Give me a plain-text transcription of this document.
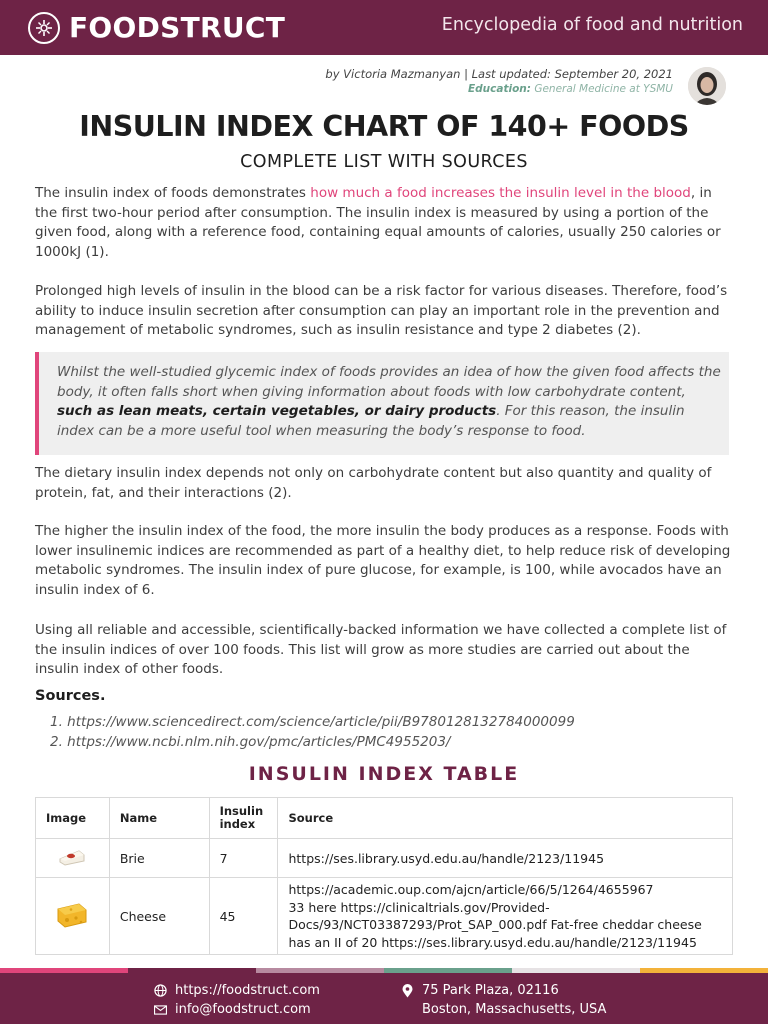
FOODSTRUCT	Encyclopedia of food and nutrition
by Victoria Mazmanyan | Last updated: September 20, 2021
Education: General Medicine at YSMU
INSULIN INDEX CHART OF 140+ FOODS
COMPLETE LIST WITH SOURCES

The insulin index of foods demonstrates how much a food increases the insulin level in the blood, in the first two-hour period after consumption. The insulin index is measured by using a portion of the given food, along with a reference food, containing equal amounts of calories, usually 250 calories or 1000kJ (1).

Prolonged high levels of insulin in the blood can be a risk factor for various diseases. Therefore, food’s ability to induce insulin secretion after consumption can play an important role in the prevention and management of metabolic syndromes, such as insulin resistance and type 2 diabetes (2).

Whilst the well-studied glycemic index of foods provides an idea of how the given food affects the body, it often falls short when giving information about foods with low carbohydrate content, such as lean meats, certain vegetables, or dairy products. For this reason, the insulin index can be a more useful tool when measuring the body’s response to food.

The dietary insulin index depends not only on carbohydrate content but also quantity and quality of protein, fat, and their interactions (2).

The higher the insulin index of the food, the more insulin the body produces as a response. Foods with lower insulinemic indices are recommended as part of a healthy diet, to help reduce risk of developing metabolic syndromes. The insulin index of pure glucose, for example, is 100, while avocados have an insulin index of 6.

Using all reliable and accessible, scientifically-backed information we have collected a complete list of the insulin indices of over 100 foods. This list will grow as more studies are carried out about the insulin index of other foods.

Sources.
1. https://www.sciencedirect.com/science/article/pii/B9780128132784000099
2. https://www.ncbi.nlm.nih.gov/pmc/articles/PMC4955203/
INSULIN INDEX TABLE
Image	Name	Insulin index	Source
	Brie	7	https://ses.library.usyd.edu.au/handle/2123/11945
	Cheese	45	https://academic.oup.com/ajcn/article/66/5/1264/4655967
33 here https://clinicaltrials.gov/Provided-
Docs/93/NCT03387293/Prot_SAP_000.pdf Fat-free cheddar cheese
has an II of 20 https://ses.library.usyd.edu.au/handle/2123/11945
https://foodstruct.com
info@foodstruct.com
75 Park Plaza, 02116
Boston, Massachusetts, USA
